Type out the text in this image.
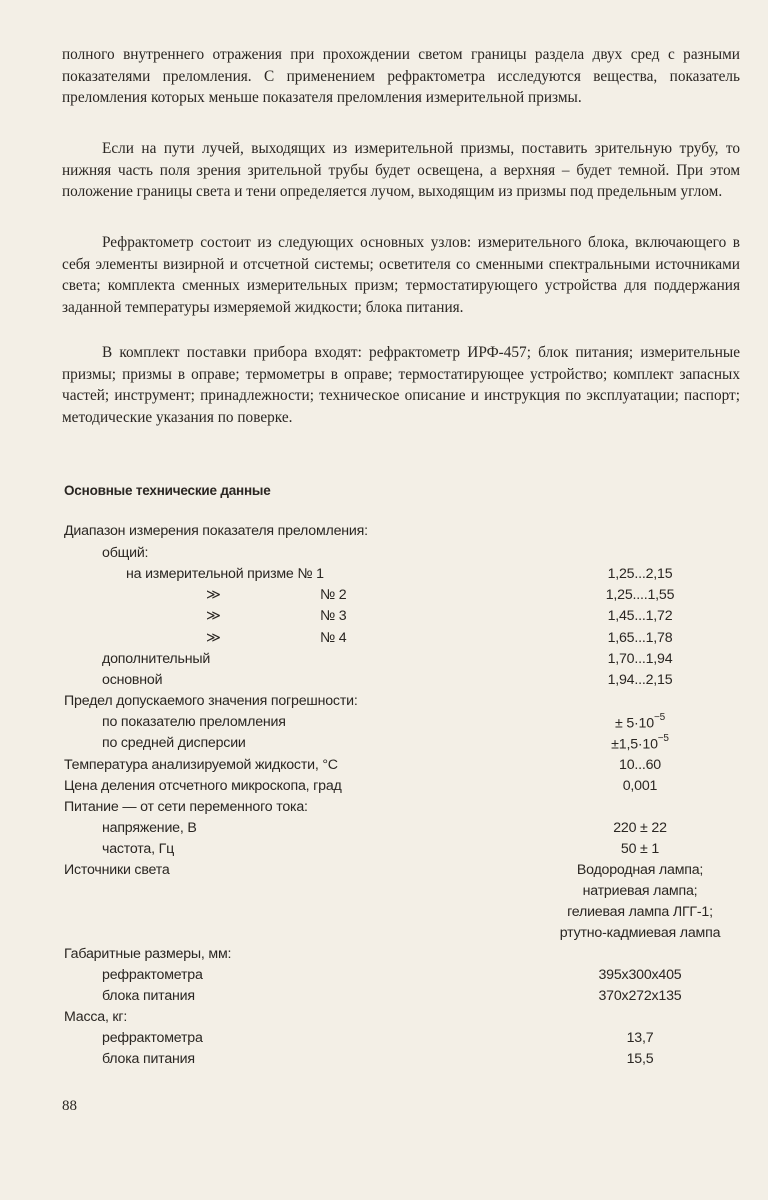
полного внутреннего отражения при прохождении светом границы раздела двух сред с разными показателями преломления. С применением рефрактометра исследуются вещества, показатель преломления которых меньше показателя преломления измерительной призмы.

Если на пути лучей, выходящих из измерительной призмы, поставить зрительную трубу, то нижняя часть поля зрения зрительной трубы будет освещена, а верхняя – будет темной. При этом положение границы света и тени определяется лучом, выходящим из призмы под предельным углом.

Рефрактометр состоит из следующих основных узлов: измерительного блока, включающего в себя элементы визирной и отсчетной системы; осветителя со сменными спектральными источниками света; комплекта сменных измерительных призм; термостатирующего устройства для поддержания заданной температуры измеряемой жидкости; блока питания.

В комплект поставки прибора входят: рефрактометр ИРФ-457; блок питания; измерительные призмы; призмы в оправе; термометры в оправе; термостатирующее устройство; комплект запасных частей; инструмент; принадлежности; техническое описание и инструкция по эксплуатации; паспорт; методические указания по поверке.

Основные технические данные
Диапазон измерения показателя преломления:
общий:
на измерительной призме № 1	1,25...2,15
≫	№ 2	1,25....1,55
≫	№ 3	1,45...1,72
≫	№ 4	1,65...1,78
дополнительный	1,70...1,94
основной	1,94...2,15
Предел допускаемого значения погрешности:
по показателю преломления	± $5\cdot 10^{-5}$
по средней дисперсии	$\pm 1,5\cdot 10^{-5}$
Температура анализируемой жидкости, °C	10...60
Цена деления отсчетного микроскопа, град	0,001
Питание — от сети переменного тока:
напряжение, В	220 ± 22
частота, Гц	50 ± 1
Источники света	Водородная лампа;
натриевая лампа;
гелиевая лампа ЛГГ-1;
ртутно-кадмиевая лампа
Габаритные размеры, мм:
рефрактометра	395x300x405
блока питания	370x272x135
Масса, кг:
рефрактометра	13,7
блока питания	15,5
88
